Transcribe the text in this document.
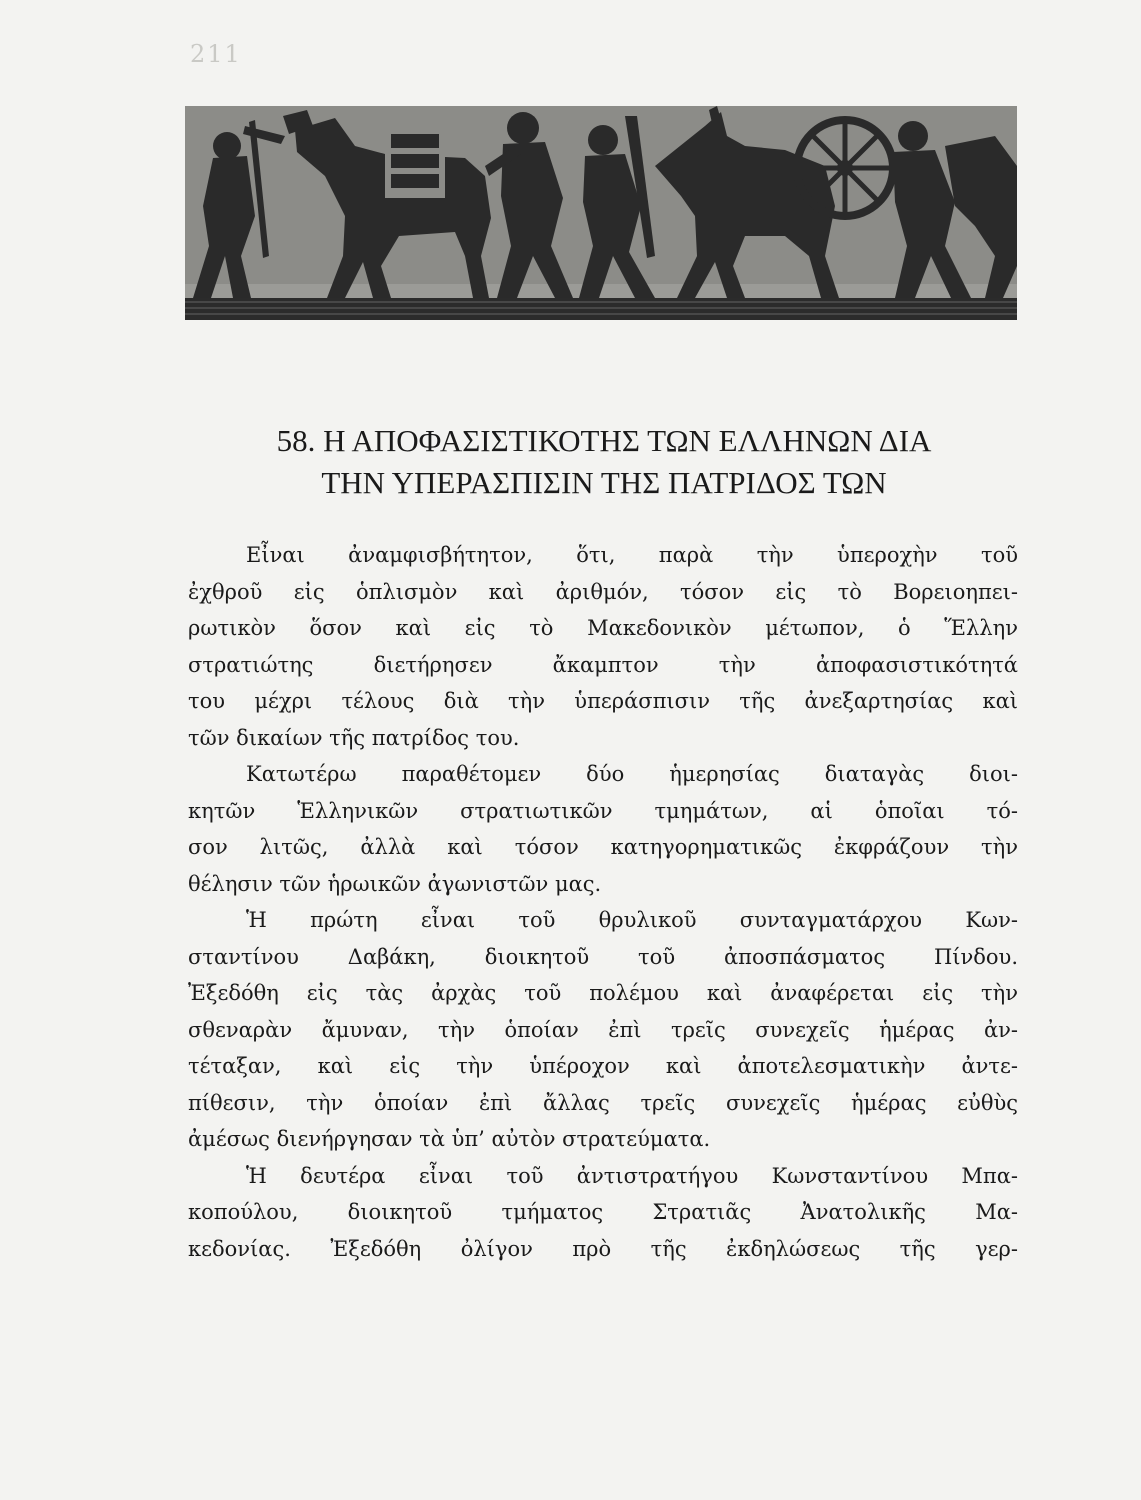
211
58. Η ΑΠΟΦΑΣΙΣΤΙΚΟΤΗΣ ΤΩΝ ΕΛΛΗΝΩΝ ΔΙΑ
ΤΗΝ ΥΠΕΡΑΣΠΙΣΙΝ ΤΗΣ ΠΑΤΡΙΔΟΣ ΤΩΝ

Εἶναι ἀναμφισβήτητον, ὅτι, παρὰ τὴν ὑπεροχὴν τοῦ
ἐχθροῦ εἰς ὁπλισμὸν καὶ ἀριθμόν, τόσον εἰς τὸ Βορειοηπει-
ρωτικὸν ὅσον καὶ εἰς τὸ Μακεδονικὸν μέτωπον, ὁ Ἕλλην
στρατιώτης διετήρησεν ἄκαμπτον τὴν ἀποφασιστικότητά
του μέχρι τέλους διὰ τὴν ὑπεράσπισιν τῆς ἀνεξαρτησίας καὶ
τῶν δικαίων τῆς πατρίδος του.

Κατωτέρω παραθέτομεν δύο ἡμερησίας διαταγὰς διοι-
κητῶν Ἑλληνικῶν στρατιωτικῶν τμημάτων, αἱ ὁποῖαι τό-
σον λιτῶς, ἀλλὰ καὶ τόσον κατηγορηματικῶς ἐκφράζουν τὴν
θέλησιν τῶν ἡρωικῶν ἀγωνιστῶν μας.

Ἡ πρώτη εἶναι τοῦ θρυλικοῦ συνταγματάρχου Κων-
σταντίνου Δαβάκη, διοικητοῦ τοῦ ἀποσπάσματος Πίνδου.
Ἐξεδόθη εἰς τὰς ἀρχὰς τοῦ πολέμου καὶ ἀναφέρεται εἰς τὴν
σθεναρὰν ἄμυναν, τὴν ὁποίαν ἐπὶ τρεῖς συνεχεῖς ἡμέρας ἀν-
τέταξαν, καὶ εἰς τὴν ὑπέροχον καὶ ἀποτελεσματικὴν ἀντε-
πίθεσιν, τὴν ὁποίαν ἐπὶ ἄλλας τρεῖς συνεχεῖς ἡμέρας εὐθὺς
ἀμέσως διενήργησαν τὰ ὑπ’ αὐτὸν στρατεύματα.

Ἡ δευτέρα εἶναι τοῦ ἀντιστρατήγου Κωνσταντίνου Μπα-
κοπούλου, διοικητοῦ τμήματος Στρατιᾶς Ἀνατολικῆς Μα-
κεδονίας. Ἐξεδόθη ὀλίγον πρὸ τῆς ἐκδηλώσεως τῆς γερ-
